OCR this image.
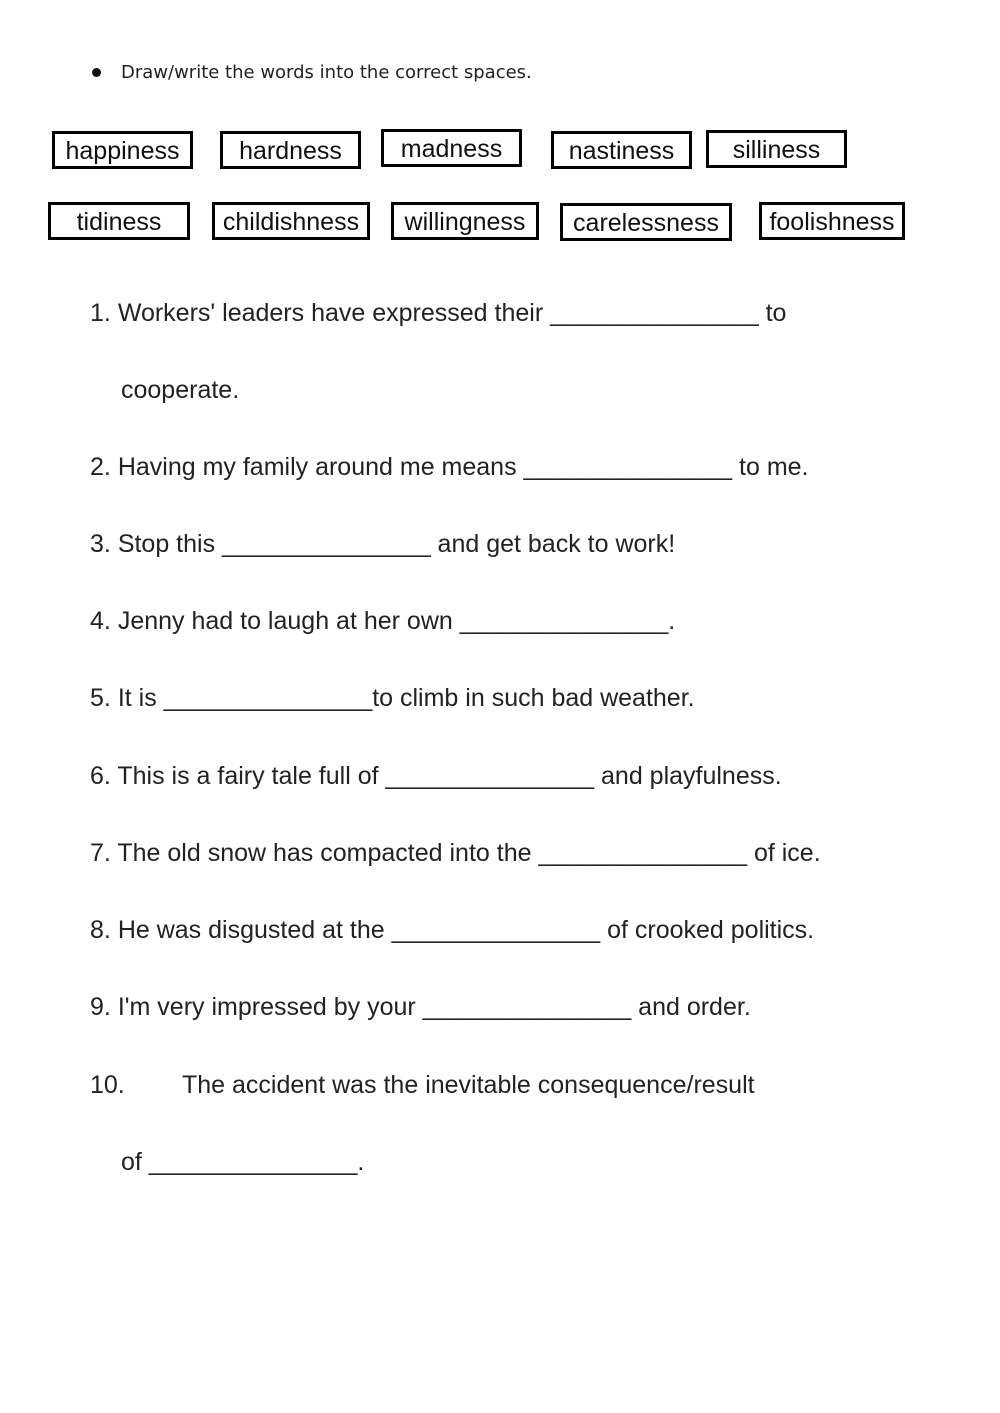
Draw/write the words into the correct spaces.
happiness	hardness	madness	nastiness	silliness
tidiness	childishness	willingness	carelessness	foolishness
1. Workers' leaders have expressed their _______________ to
cooperate.
2. Having my family around me means _______________ to me.
3. Stop this _______________ and get back to work!
4. Jenny had to laugh at her own _______________.
5. It is _______________to climb in such bad weather.
6. This is a fairy tale full of _______________ and playfulness.
7. The old snow has compacted into the _______________ of ice.
8. He was disgusted at the _______________ of crooked politics.
9. I'm very impressed by your _______________ and order.
10. The accident was the inevitable consequence/result
of _______________.
